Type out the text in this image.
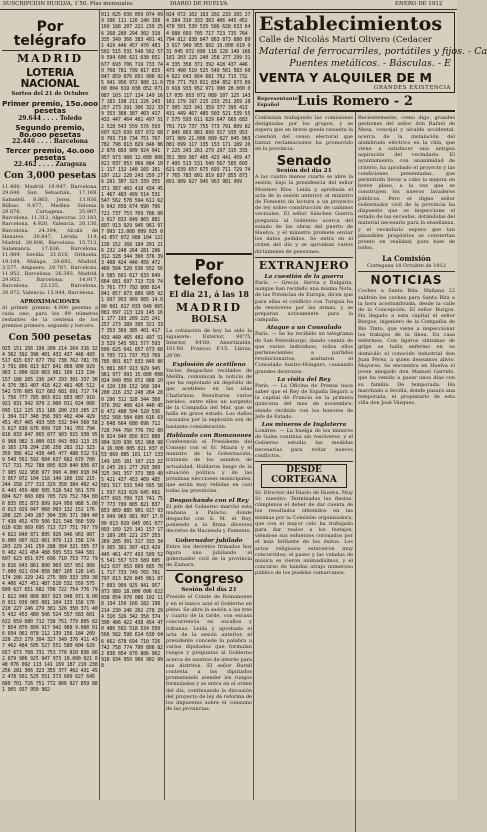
SUSCRIPCION HUELVA, 1'50. Pías mensuales	DIARIO DE HUELVA	ENERO DE 1912
Por telégrafo
MADRID
LOTERIA NACIONAL
Sorteo del 21 de Octubre
Primer premio, 15o.ooo pesetas
29.644 . . . . Toledo
Segundo premio, 8o.ooo pesetas
22.446 . . . . Barcelona
Tercer premio, 4o.ooo pesetas
22.462 . . . . Zaragoza
Con 3,000 pesetas
11.480, Madrid. 19.947, Barcelona. 29.646 San Sebastián, 17.169, Sabadell. 8.865, Jerez. 13.936, Bilbao. 9.477, Medina Sidonia. 29.876, Cartagena. 25.907, Barcelona. 11.312, Algeciras. 23.183, Barcelona. 4.920, Valencia. 20.136, Barcelona. 24.394, Alcalá de Henares. 30.847, Lérida. 114, Madrid. 30.806, Barcelona. 15.713, Salamanca. 17.636, Barcelona. 11.989, Sevilla. 21.610, Orihuela. 19.184, Málaga. 29.692, Madrid. 3.577, Ampuero. 29.787, Barcelona. 11.952, Barcelona. 26.383, Madrid. 29.952, Barcelona. 14.917, Barcelona. 23.125, Barcelona. 20.972, Valencia. 15.944, Barcelona.
APROXIMACIONES
Al primer premio 4.000 pesetas a cada uno; para los 99 números restantes de la centena de los premios primero, segundo y tercero.
Con 500 pesetas
025 151 156 199 209 214 264 316 324 362 392 396 401 433 437 448 493 517 615 637 677 702 738 762 781 783 791 806 813 827 841 868 900 929 963 1.000 029 063 081 109 113 134 157 188 205 236 247 293 301 337 364 376 381 407 418 422 481 495 512 542 576 605 617 663 681 691 717 741 756 777 785 803 811 853 887 910 921 931 942 979 2.000 011 024 066 095 112 125 151 186 200 233 265 271 304 317 348 356 393 402 404 429 451 457 465 493 505 532 544 560 585 617 630 676 699 720 742 763 794 816 833 847 865 877 903 915 938 956 968 982 3.000 015 043 092 113 158 165 178 204 236 258 282 312 323 359 386 412 438 445 477 488 512 519 549 561 592 604 637 662 679 700 717 731 752 788 805 829 840 856 877 905 922 958 977 990 4.000 018 043 057 072 104 118 149 166 192 215 244 258 277 313 329 358 384 402 426 443 459 480 505 518 542 561 579 604 627 660 689 705 729 752 784 806 835 851 873 899 924 956 988 5.000 013 029 047 068 093 132 151 176 208 225 249 287 304 336 371 384 407 438 452 470 506 521 548 560 599 610 638 669 695 713 727 751 767 794 822 840 871 895 920 946 963 987 6.000 007 022 061 079 113 158 174 203 229 241 259 288 304 321 355 370 402 421 454 488 505 531 544 581 607 623 651 675 696 710 753 772 798 816 843 861 890 903 937 951 989 7.000 021 034 058 087 105 128 143 174 206 229 241 275 309 333 359 384 406 427 451 487 518 532 559 575 609 627 651 682 708 722 754 776 791 822 846 868 897 923 948 971 8.000 011 039 065 081 104 133 158 176 210 227 246 279 301 326 350 371 405 432 453 480 506 524 557 583 601 622 659 680 712 738 751 779 805 827 854 870 899 917 942 968 9.000 016 034 061 078 112 139 156 184 209 226 253 279 304 327 349 376 411 437 462 484 505 527 551 580 604 629 657 673 708 731 753 776 810 836 862 879 906 925 947 973 10.000 021 048 076 092 113 141 169 187 210 238 256 281 306 323 355 377 402 431 452 478 501 525 551 573 609 627 645 680 701 726 751 772 806 827 859 881 905 937 950 982
011 025 030 059 074 099 106 111 126 140 158 169 188 207 221 239 256 268 280 294 302 318 335 349 366 383 401 411 429 446 457 470 483 502 515 531 548 562 579 594 606 621 638 651 677 693 706 719 733 749 768 781 799 817 833 847 859 876 891 908 925 941 956 972 988 11.000 004 019 038 052 071 087 103 117 134 149 167 183 198 211 226 243 257 273 291 306 322 339 353 368 387 403 417 433 447 464 481 497 512 528 543 559 576 593 607 623 639 657 672 688 703 718 734 751 767 782 798 813 829 846 862 878 893 909 924 941 957 973 989 12.000 006 021 037 053 069 084 101 117 132 148 165 181 197 212 228 243 259 276 291 307 323 339 355 371 387 402 418 434 451 467 483 499 514 531 547 562 578 594 611 626 642 658 674 690 706 721 737 753 769 786 802 817 833 849 865 881 897 913 929 945 961 977 993 13.000 009 025 041 057 072 088 104 121 136 152 168 184 201 216 232 248 264 281 296 312 328 344 360 376 393 408 424 440 456 472 489 504 520 536 552 569 585 601 617 633 649 664 681 697 713 729 745 761 777 792 808 824 841 857 873 889 905 921 937 953 969 985 14.000 001 017 033 049 065 081 097 113 129 145 161 177 193 209 225 241 257 273 289 305 321 337 353 369 385 401 417 433 449 465 481 497 513 529 545 561 577 593 609 625 641 657 673 689 705 721 737 753 769 785 801 817 833 849 865 881 897 913 929 945 961 977 993 15.000 008 024 040 056 072 088 104 120 136 152 168 184 200 216 232 248 264 280 296 312 328 344 360 376 392 408 424 440 456 472 488 504 520 536 552 568 584 600 616 632 648 664 680 696 712 728 744 760 776 792 808 824 840 856 872 888 904 920 936 952 968 984 16.000 005 021 037 053 069 085 101 117 133 149 165 181 197 213 229 245 261 277 293 309 325 341 357 373 389 405 421 437 453 469 485 501 517 533 549 565 581 597 613 629 645 661 677 693 709 725 741 757 773 789 805 821 837 853 869 885 901 917 933 949 965 981 997 17.000 013 029 045 061 077 093 109 125 141 157 173 189 205 221 237 253 269 285 301 317 333 349 365 381 397 413 429 445 461 477 493 509 525 541 557 573 589 605 621 637 653 669 685 701 717 733 749 765 781 797 813 829 845 861 877 893 909 925 941 957 973 989 18.000 006 022 038 054 070 086 102 118 134 150 166 182 198 214 230 246 262 278 294 310 326 342 358 374 390 406 422 438 454 470 486 502 518 534 550 566 582 598 614 630 646 662 678 694 710 726 742 758 774 790 806 822 838 854 870 886 902 918 934 950 966 982 998
024 072 102 163 202 233 265 274 284 310 333 383 406 445 452 478 501 530 535 586 628 633 644 688 693 705 717 723 735 764 794 812 838 847 863 873 880 893 917 949 955 992 19.000 010 031 045 072 090 118 128 149 166 181 203 225 240 258 277 299 314 335 358 371 392 418 437 446 473 490 510 525 549 561 583 604 622 643 664 681 702 715 732 759 771 793 811 834 852 873 890 918 933 952 971 990 20.000 017 035 053 071 089 107 125 143 161 179 197 215 233 251 269 287 305 323 341 359 377 395 413 431 449 467 485 503 521 539 557 575 593 611 629 647 665 683 701 719 737 755 773 791 809 827 845 863 881 899 917 935 953 971 989 21.000 009 027 045 063 081 099 117 135 153 171 189 207 225 243 261 279 297 315 333 351 369 387 405 423 441 459 477 495 513 531 549 567 585 603 621 639 657 675 693 711 729 747 765 783 801 819 837 855 873 891 909 927 945 963 981 999
Por telefono
El dia 21, á las 18
MADRID
BOLSA
La cotización de hoy ha sido la siguiente: Exterior, 90'75. Interior, 84'60. Amortizable, 101'60. Francos 6'15. Libras, 26'00.
Explosión de acetileno
Varios despachos recibidos de Melilla, comunican la noticia de que ha explotado un depósito de gas acetileno en las islas Chafarinas. Resultaron varios heridos, entre ellos un sargento de la Compañía del Mar, que se halla en grave estado. Los daños causados por la explosión son de bastante consideración.
Hablando con Romanones
Conferenció el Presidente del Consejo con el Sr. Maura y el ministro de la Gobernación, tratando de los asuntos de actualidad. Hablaron luego de la situación política y de las próximas elecciones municipales, que serán muy reñidas en casi todas las provincias.
Despachando con el Rey
El jefe del Gobierno marchó esta mañana a Palacio, donde despachó con S. M. el Rey, poniendo a la firma diversos decretos de Hacienda y Fomento.
Gobernador jubilado
Entre los decretos firmados hoy figura uno jubilando al gobernador civil de la provincia de Zamora.
Congreso
Sesión del día 21
Preside el Conde de Romanones y en el banco azul el Gobierno en pleno. Se abre la sesión a las tres y cuarto de la tarde, con escasa concurrencia en escaños y tribunas. Leída y aprobada el acta de la sesión anterior, el presidente concede la palabra a varios diputados que formulan ruegos y preguntas al Gobierno acerca de asuntos de interés para sus distritos. El señor Burell contesta a los diputados prometiendo atender los ruegos formulados y se entra en el orden del día, continuando la discusión del proyecto de ley de reforma de los impuestos sobre el consumo de las provincias.
Establecimientos
Calle de Nicolás Martí Olivero (Cedacer
Material de ferrocarriles, portátiles y fijos. - Ca
Puentes metálicos. - Básculas. - E
VENTA Y ALQUILER DE M
GRANDES EXISTENCIA
Representante Español	Luis Romero - 2
Continúan trabajando las comisiones designadas por los grupos, y se espera que en breve quede resuelta la cuestión del censo electoral que tantas reclamaciones ha promovido en la provincia.
Senado
Sesión del día 21
A las cuatro menos cuarto se abre la sesión, bajo la presidencia del señor Montero Ríos. Leída y aprobada el acta de la sesión anterior, el ministro de Fomento da lectura a un proyecto de ley sobre construcción de caminos vecinales. El señor Sánchez Guerra pregunta al Gobierno acerca del estado de las obras del puerto de Huelva, y el ministro promete enviar los datos pedidos. Se entra en el orden del día y se aprueban varios dictámenes de pensiones.
EXTRANJERO
La cuestión de la guerra
París. — Grecia, Servia y Bulgaria, aunque han recibido una misma Nota, de las Potencias de Europa, dicen que para ellas el conflicto con Turquía ha de resolverse por las armas, y se preparan activamente para la campaña.
Ataque a un Consulado
París. — Se ha recibido un telegrama de San Petersburgo, dando cuenta de que varios individuos, todos ellos pertenecientes a partidos revolucionarios, asaltaron el Consulado Austro-Húngaro, causando grandes destrozos.
La visita del Rey
París. — La Oficina de Prensa hace saber que el Rey de España llegará a la capital de Francia en la primera quincena del mes de noviembre, siendo recibido con los honores de Jefe de Estado.
Los mineros de Inglaterra
Londres. — La huelga de los mineros de Gales continúa sin resolverse, y el Gobierno estudia las medidas necesarias para evitar nuevos conflictos.
DESDE CORTEGANA
Sr. Director del Diario de Huelva. Muy Sr. nuestro: Terminadas las fiestas, cúmplenos el deber de dar cuenta de los resultados obtenidos en las mismas por la Comisión organizadora, que con el mayor celo ha trabajado para dar realce a los festejos, viéndose sus esfuerzos coronados por el más brillante de los éxitos. Los actos religiosos estuvieron muy concurridos; el paseo y las veladas de música se vieron animadísimos, y el concurso de bandas atrajo numeroso público de los pueblos comarcanos.
Recientemente, como digo, grandes gestiones del señor don Rafael de Mesa, concejal y alcalde accidental, acerca de la instalación del alumbrado eléctrico en la villa, que viene a satisfacer una antigua aspiración del vecindario. El ayuntamiento, con unanimidad de criterio, ha aprobado el proyecto y las condiciones presentadas, que permitirán llevar a cabo la mejora en breve plazo, a la vez que se construyen los nuevos lavaderos públicos. Pero el digno señor Gobernador civil de la provincia ha dispuesto que se inspeccione el estado de las escuelas, dotándolas del material necesario para la enseñanza, y el vecindario espera que tan plausibles propósitos se conviertan pronto en realidad, para bien de todos.
La Comisión
Cortegana 18 Octubre de 1912
NOTICIAS
Coches a Santa Rita. Mañana 22 saldrán los coches para Santa Rita a la hora acostumbrada, desde la calle de la Concepción. El señor Burgos. Ha llegado a esta capital el señor Burgos, ingeniero de la Compañía de Río Tinto, que viene a inspeccionar los trabajos de la línea. En casa enfermos. Con ligeros síntomas de gripe se halla enfermo en su domicilio el conocido industrial don Juan Pérez, a quien deseamos alivio. Mayores. Se encuentra en Huelva el joven abogado don Manuel Garrido, que ha venido a pasar unos días con su familia. De temporada. Ha marchado a Sevilla, donde pasará una temporada, el propietario de esta villa don José Vázquez.
